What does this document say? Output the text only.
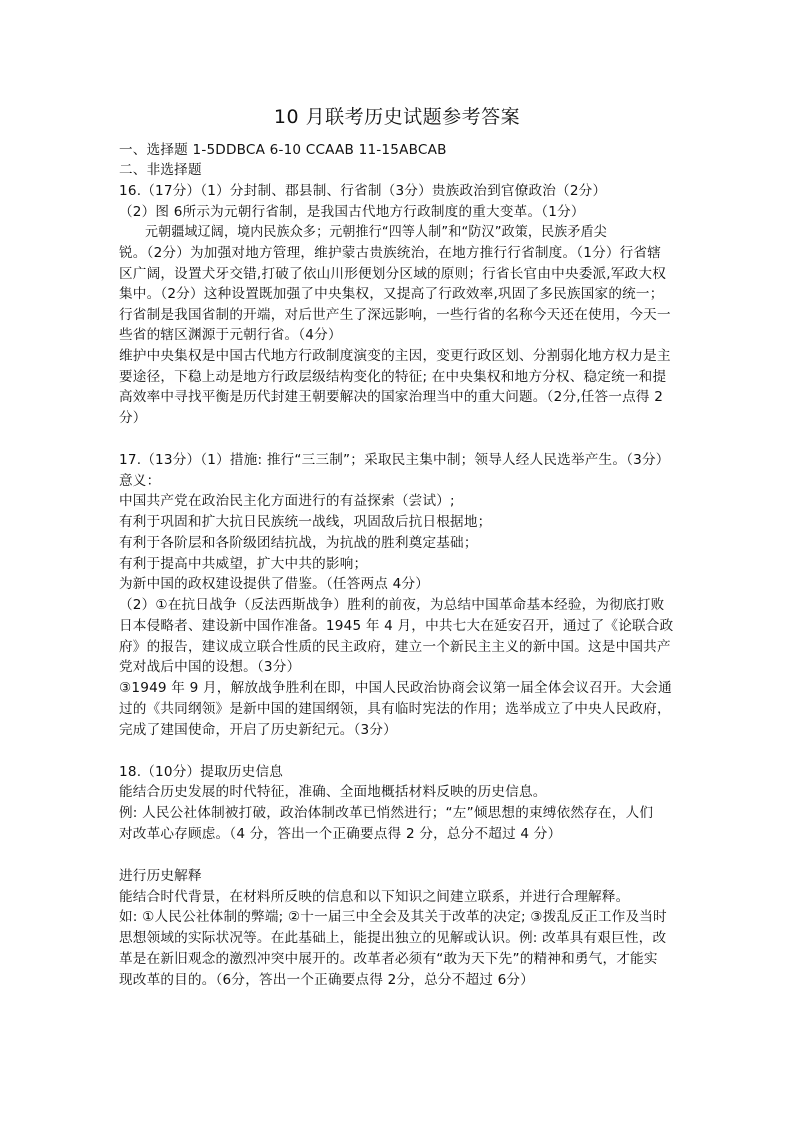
10 月联考历史试题参考答案
一、选择题 1-5DDBCA 6-10 CCAAB 11-15ABCAB
二、非选择题
16.（17分）（1）分封制、郡县制、行省制（3分）贵族政治到官僚政治（2分）
（2）图 6所示为元朝行省制，是我国古代地方行政制度的重大变革。（1分）
元朝疆域辽阔，境内民族众多；元朝推行“四等人制”和“防汉”政策，民族矛盾尖
锐。（2分）为加强对地方管理，维护蒙古贵族统治，在地方推行行省制度。（1分）行省辖
区广阔，设置犬牙交错,打破了依山川形便划分区域的原则；行省长官由中央委派,军政大权
集中。（2分）这种设置既加强了中央集权，又提高了行政效率,巩固了多民族国家的统一；
行省制是我国省制的开端，对后世产生了深远影响，一些行省的名称今天还在使用，今天一
些省的辖区渊源于元朝行省。（4分）
维护中央集权是中国古代地方行政制度演变的主因，变更行政区划、分割弱化地方权力是主
要途径，下稳上动是地方行政层级结构变化的特征; 在中央集权和地方分权、稳定统一和提
高效率中寻找平衡是历代封建王朝要解决的国家治理当中的重大问题。（2分,任答一点得 2
分）
17.（13分）（1）措施: 推行“三三制”；采取民主集中制；领导人经人民选举产生。（3分）
意义：
中国共产党在政治民主化方面进行的有益探索（尝试）;
有利于巩固和扩大抗日民族统一战线，巩固敌后抗日根据地；
有利于各阶层和各阶级团结抗战，为抗战的胜利奠定基础；
有利于提高中共威望，扩大中共的影响；
为新中国的政权建设提供了借鉴。（任答两点 4分）
（2）①在抗日战争（反法西斯战争）胜利的前夜，为总结中国革命基本经验，为彻底打败
日本侵略者、建设新中国作准备。1945 年 4 月，中共七大在延安召开，通过了《论联合政
府》的报告，建议成立联合性质的民主政府，建立一个新民主主义的新中国。这是中国共产
党对战后中国的设想。（3分）
③1949 年 9 月，解放战争胜利在即，中国人民政治协商会议第一届全体会议召开。大会通
过的《共同纲领》是新中国的建国纲领，具有临时宪法的作用；选举成立了中央人民政府，
完成了建国使命，开启了历史新纪元。（3分）
18.（10分）提取历史信息
能结合历史发展的时代特征，准确、全面地概括材料反映的历史信息。
例: 人民公社体制被打破，政治体制改革已悄然进行；“左”倾思想的束缚依然存在，人们
对改革心存顾虑。（4 分，答出一个正确要点得 2 分，总分不超过 4 分）
进行历史解释
能结合时代背景，在材料所反映的信息和以下知识之间建立联系，并进行合理解释。
如: ①人民公社体制的弊端; ②十一届三中全会及其关于改革的决定; ③拨乱反正工作及当时
思想领域的实际状况等。在此基础上，能提出独立的见解或认识。例: 改革具有艰巨性，改
革是在新旧观念的激烈冲突中展开的。改革者必须有“敢为天下先”的精神和勇气，才能实
现改革的目的。（6分，答出一个正确要点得 2分，总分不超过 6分）
